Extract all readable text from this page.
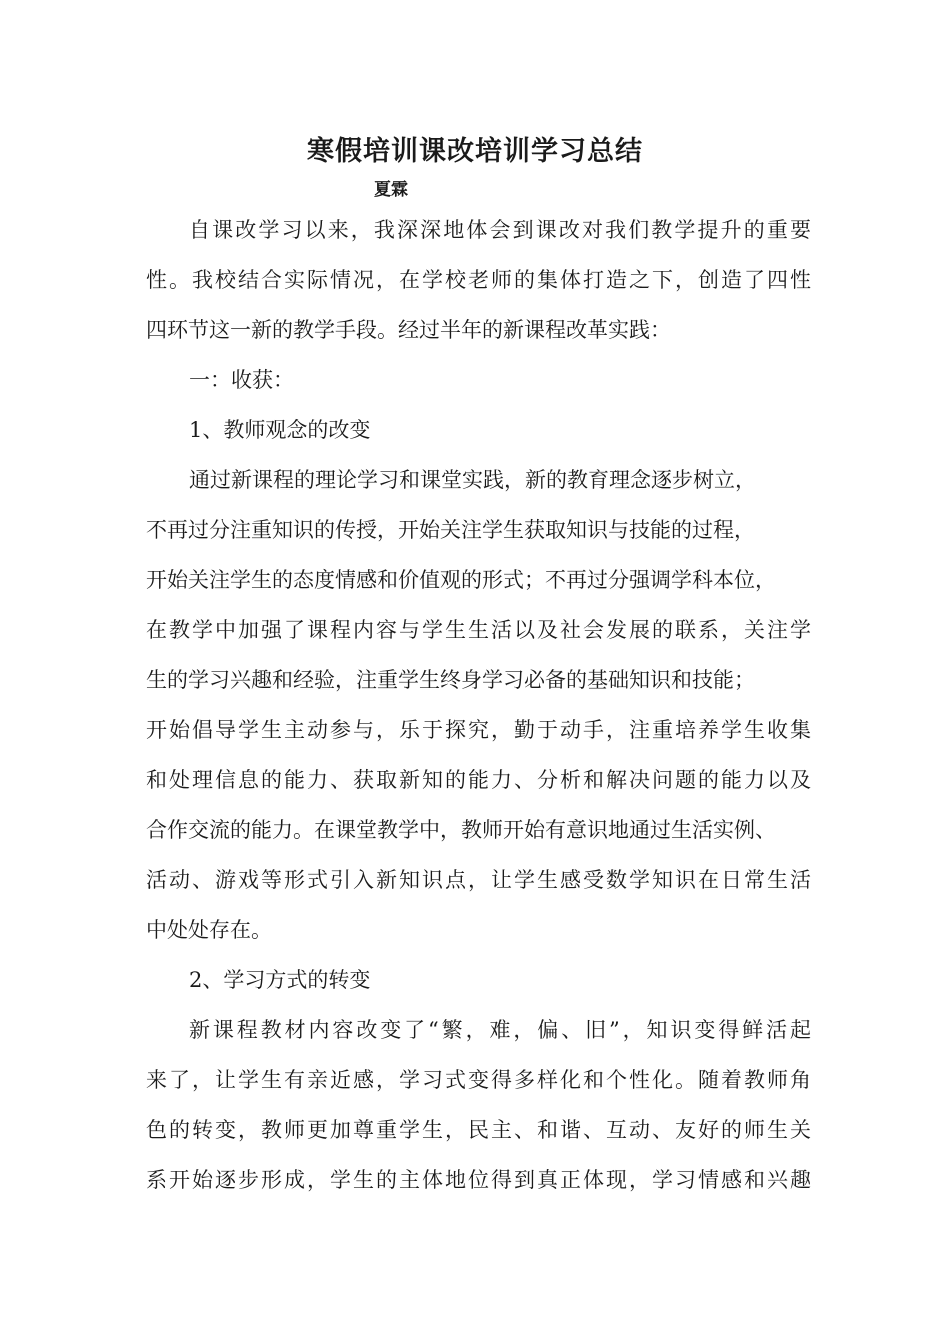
寒假培训课改培训学习总结
夏霖
自课改学习以来，我深深地体会到课改对我们教学提升的重要
性。我校结合实际情况，在学校老师的集体打造之下，创造了四性
四环节这一新的教学手段。经过半年的新课程改革实践：
一：收获：
1、教师观念的改变
通过新课程的理论学习和课堂实践，新的教育理念逐步树立，
不再过分注重知识的传授，开始关注学生获取知识与技能的过程，
开始关注学生的态度情感和价值观的形式；不再过分强调学科本位，
在教学中加强了课程内容与学生生活以及社会发展的联系，关注学
生的学习兴趣和经验，注重学生终身学习必备的基础知识和技能；
开始倡导学生主动参与，乐于探究，勤于动手，注重培养学生收集
和处理信息的能力、获取新知的能力、分析和解决问题的能力以及
合作交流的能力。在课堂教学中，教师开始有意识地通过生活实例、
活动、游戏等形式引入新知识点，让学生感受数学知识在日常生活
中处处存在。
2、学习方式的转变
新课程教材内容改变了“繁，难，偏、旧”，知识变得鲜活起
来了，让学生有亲近感，学习式变得多样化和个性化。随着教师角
色的转变，教师更加尊重学生，民主、和谐、互动、友好的师生关
系开始逐步形成，学生的主体地位得到真正体现，学习情感和兴趣
